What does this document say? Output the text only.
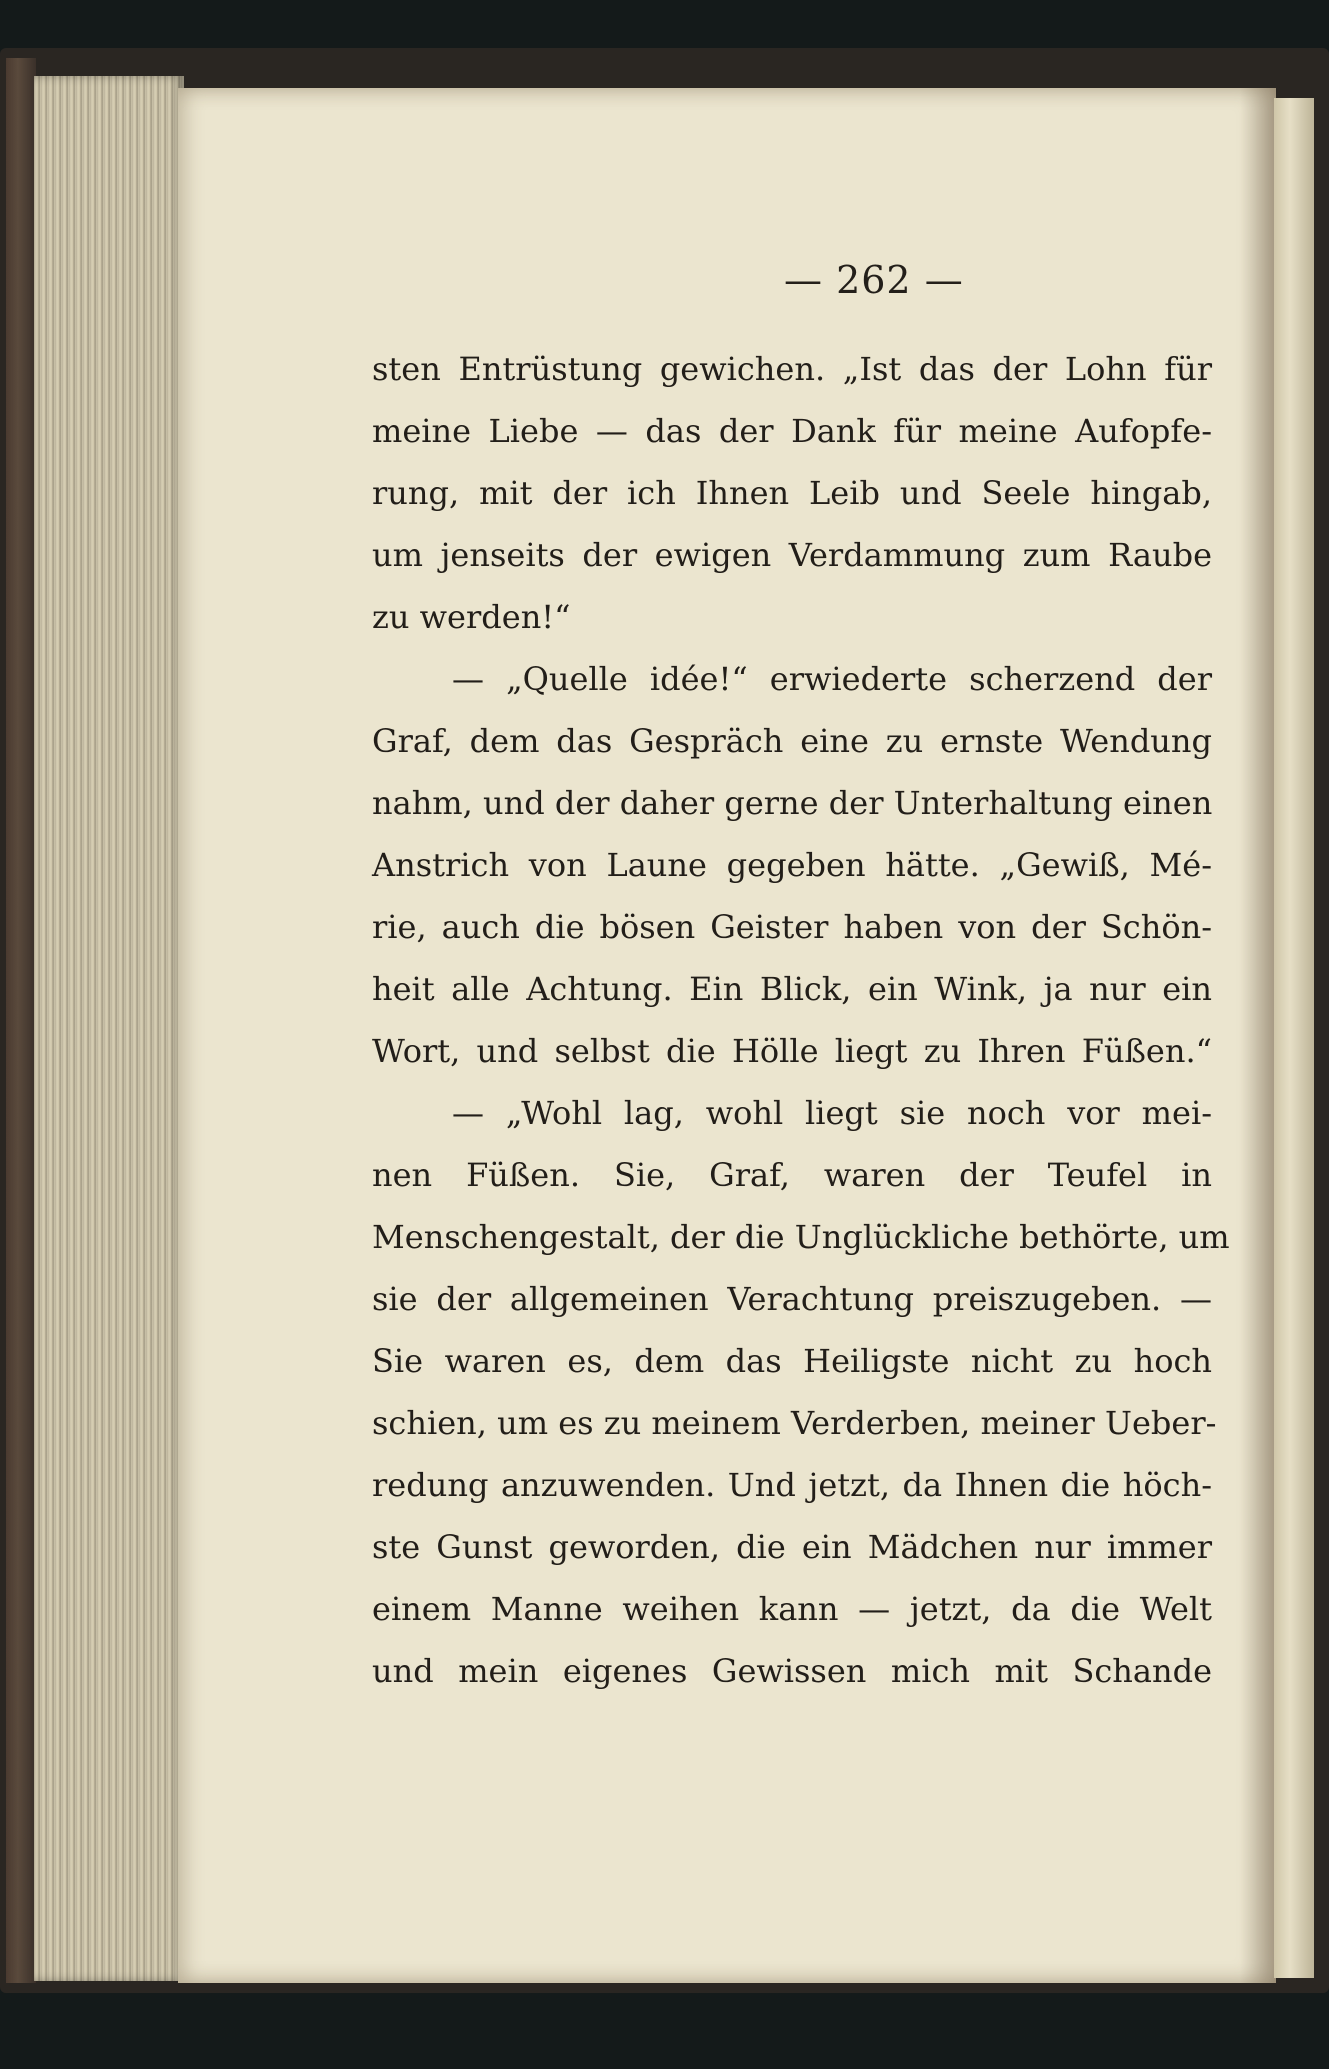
— 262 —
sten Entrüstung gewichen. „Ist das der Lohn für
meine Liebe — das der Dank für meine Aufopfe-
rung, mit der ich Ihnen Leib und Seele hingab,
um jenseits der ewigen Verdammung zum Raube
zu werden!“
— „Quelle idée!“ erwiederte scherzend der
Graf, dem das Gespräch eine zu ernste Wendung
nahm, und der daher gerne der Unterhaltung einen
Anstrich von Laune gegeben hätte. „Gewiß, Mé-
rie, auch die bösen Geister haben von der Schön-
heit alle Achtung. Ein Blick, ein Wink, ja nur ein
Wort, und selbst die Hölle liegt zu Ihren Füßen.“
— „Wohl lag, wohl liegt sie noch vor mei-
nen Füßen. Sie, Graf, waren der Teufel in
Menschengestalt, der die Unglückliche bethörte, um
sie der allgemeinen Verachtung preiszugeben. —
Sie waren es, dem das Heiligste nicht zu hoch
schien, um es zu meinem Verderben, meiner Ueber-
redung anzuwenden. Und jetzt, da Ihnen die höch-
ste Gunst geworden, die ein Mädchen nur immer
einem Manne weihen kann — jetzt, da die Welt
und mein eigenes Gewissen mich mit Schande
